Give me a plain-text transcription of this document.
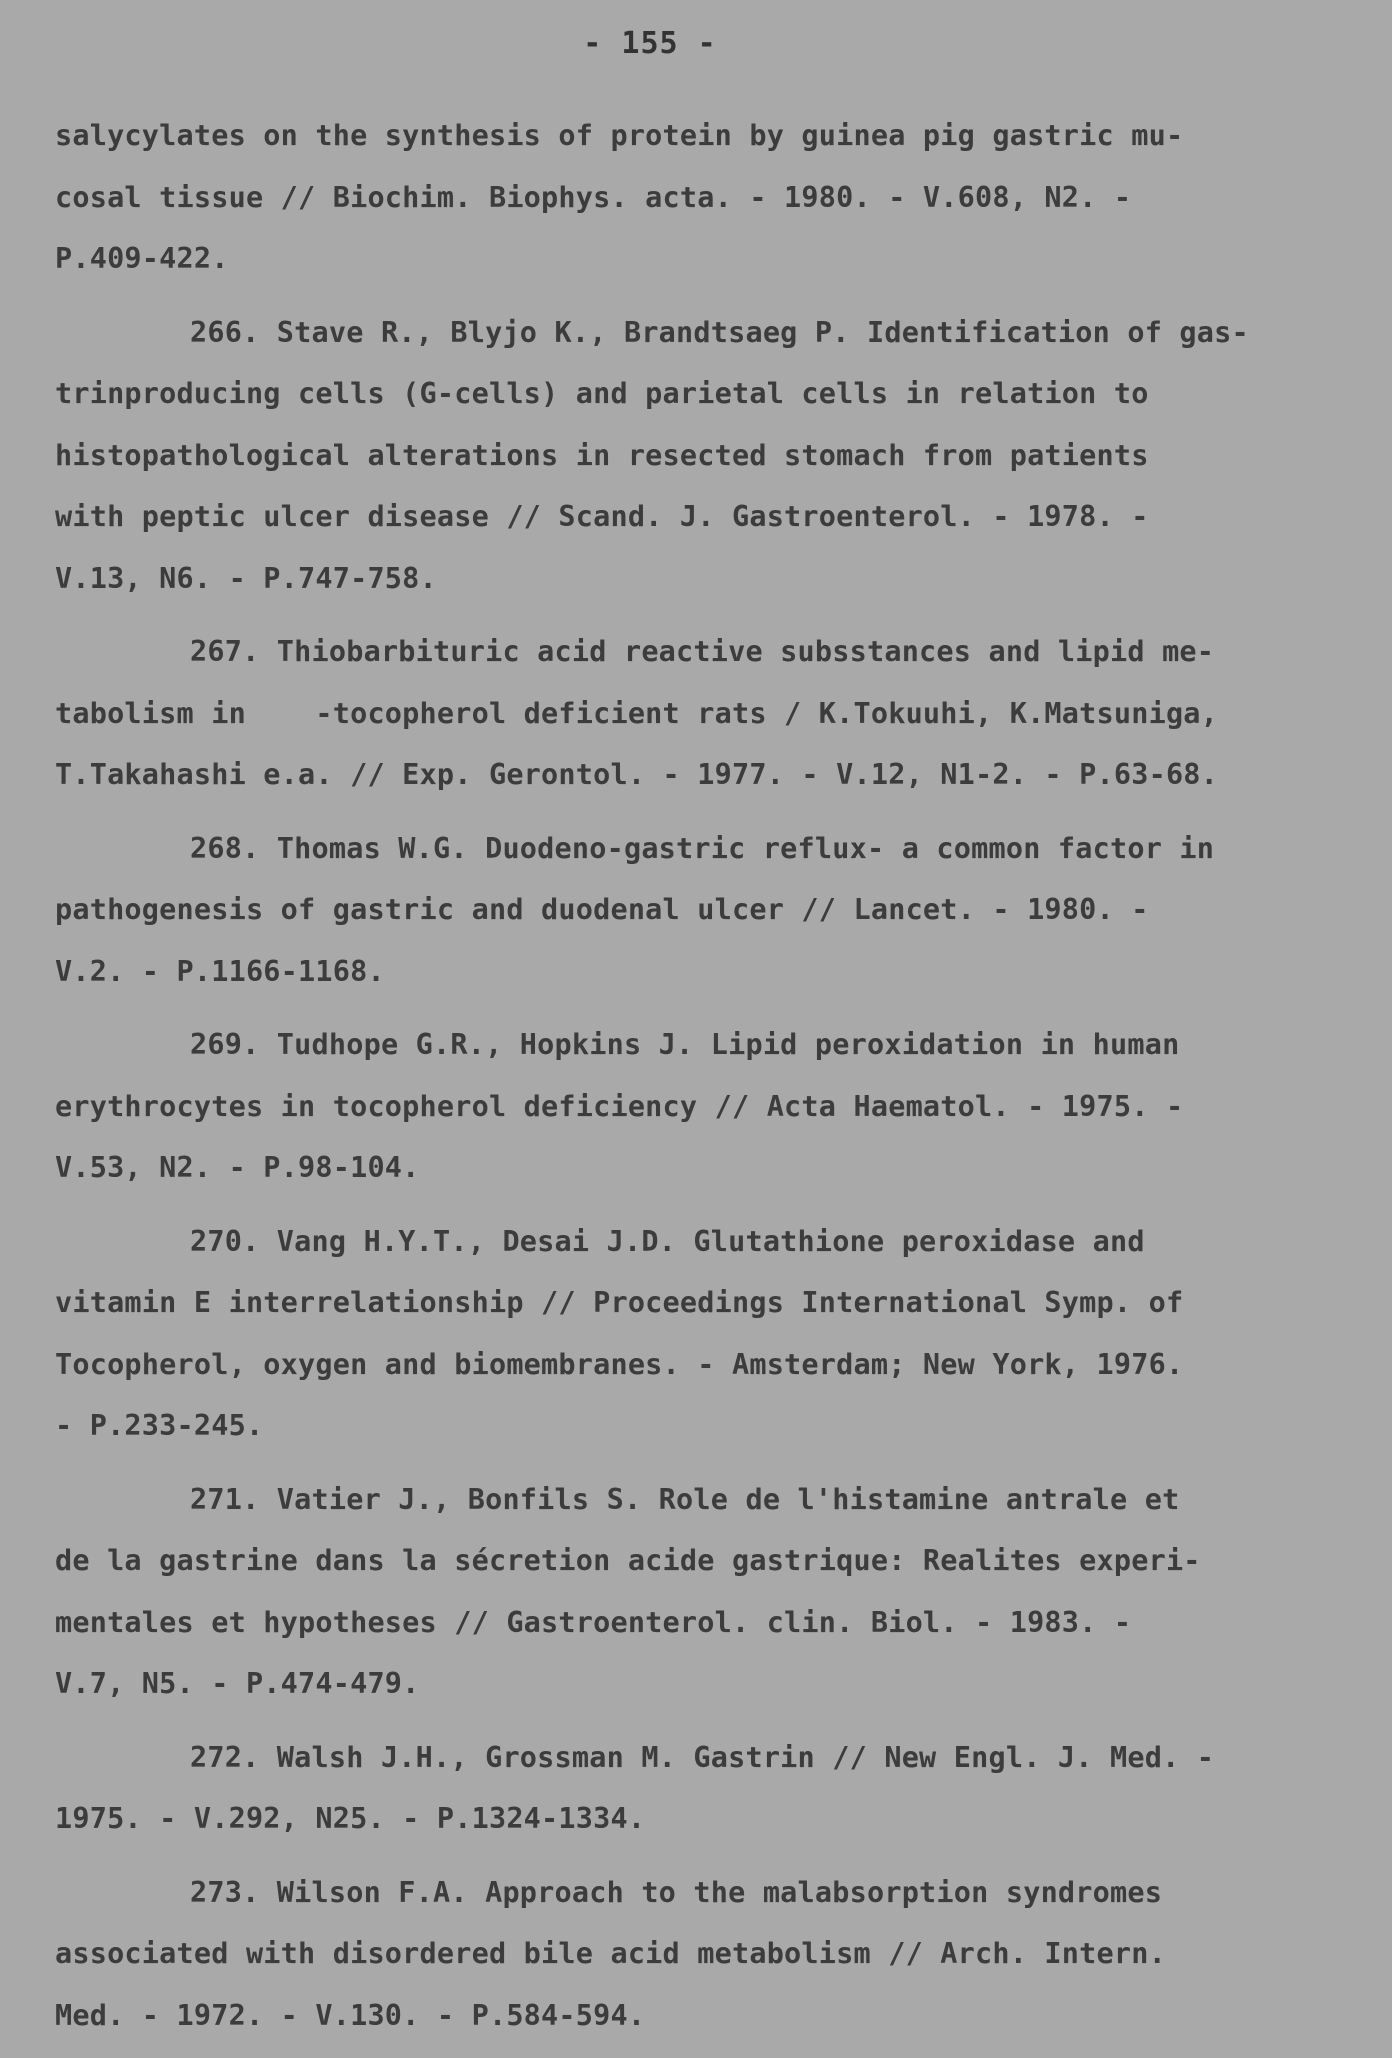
- 155 -
salycylates on the synthesis of protein by guinea pig gastric mu-
cosal tissue // Biochim. Biophys. acta. - 1980. - V.608, N2. -
P.409-422.
266. Stave R., Blyjo K., Brandtsaeg P. Identification of gas-
trinproducing cells (G-cells) and parietal cells in relation to
histopathological alterations in resected stomach from patients
with peptic ulcer disease // Scand. J. Gastroenterol. - 1978. -
V.13, N6. - P.747-758.
267. Thiobarbituric acid reactive subsstances and lipid me-
tabolism in    -tocopherol deficient rats / K.Tokuuhi, K.Matsuniga,
T.Takahashi e.a. // Exp. Gerontol. - 1977. - V.12, N1-2. - P.63-68.
268. Thomas W.G. Duodeno-gastric reflux- a common factor in
pathogenesis of gastric and duodenal ulcer // Lancet. - 1980. -
V.2. - P.1166-1168.
269. Tudhope G.R., Hopkins J. Lipid peroxidation in human
erythrocytes in tocopherol deficiency // Acta Haematol. - 1975. -
V.53, N2. - P.98-104.
270. Vang H.Y.T., Desai J.D. Glutathione peroxidase and
vitamin E interrelationship // Proceedings International Symp. of
Tocopherol, oxygen and biomembranes. - Amsterdam; New York, 1976.
- P.233-245.
271. Vatier J., Bonfils S. Role de l'histamine antrale et
de la gastrine dans la sécretion acide gastrique: Realites experi-
mentales et hypotheses // Gastroenterol. clin. Biol. - 1983. -
V.7, N5. - P.474-479.
272. Walsh J.H., Grossman M. Gastrin // New Engl. J. Med. -
1975. - V.292, N25. - P.1324-1334.
273. Wilson F.A. Approach to the malabsorption syndromes
associated with disordered bile acid metabolism // Arch. Intern.
Med. - 1972. - V.130. - P.584-594.
